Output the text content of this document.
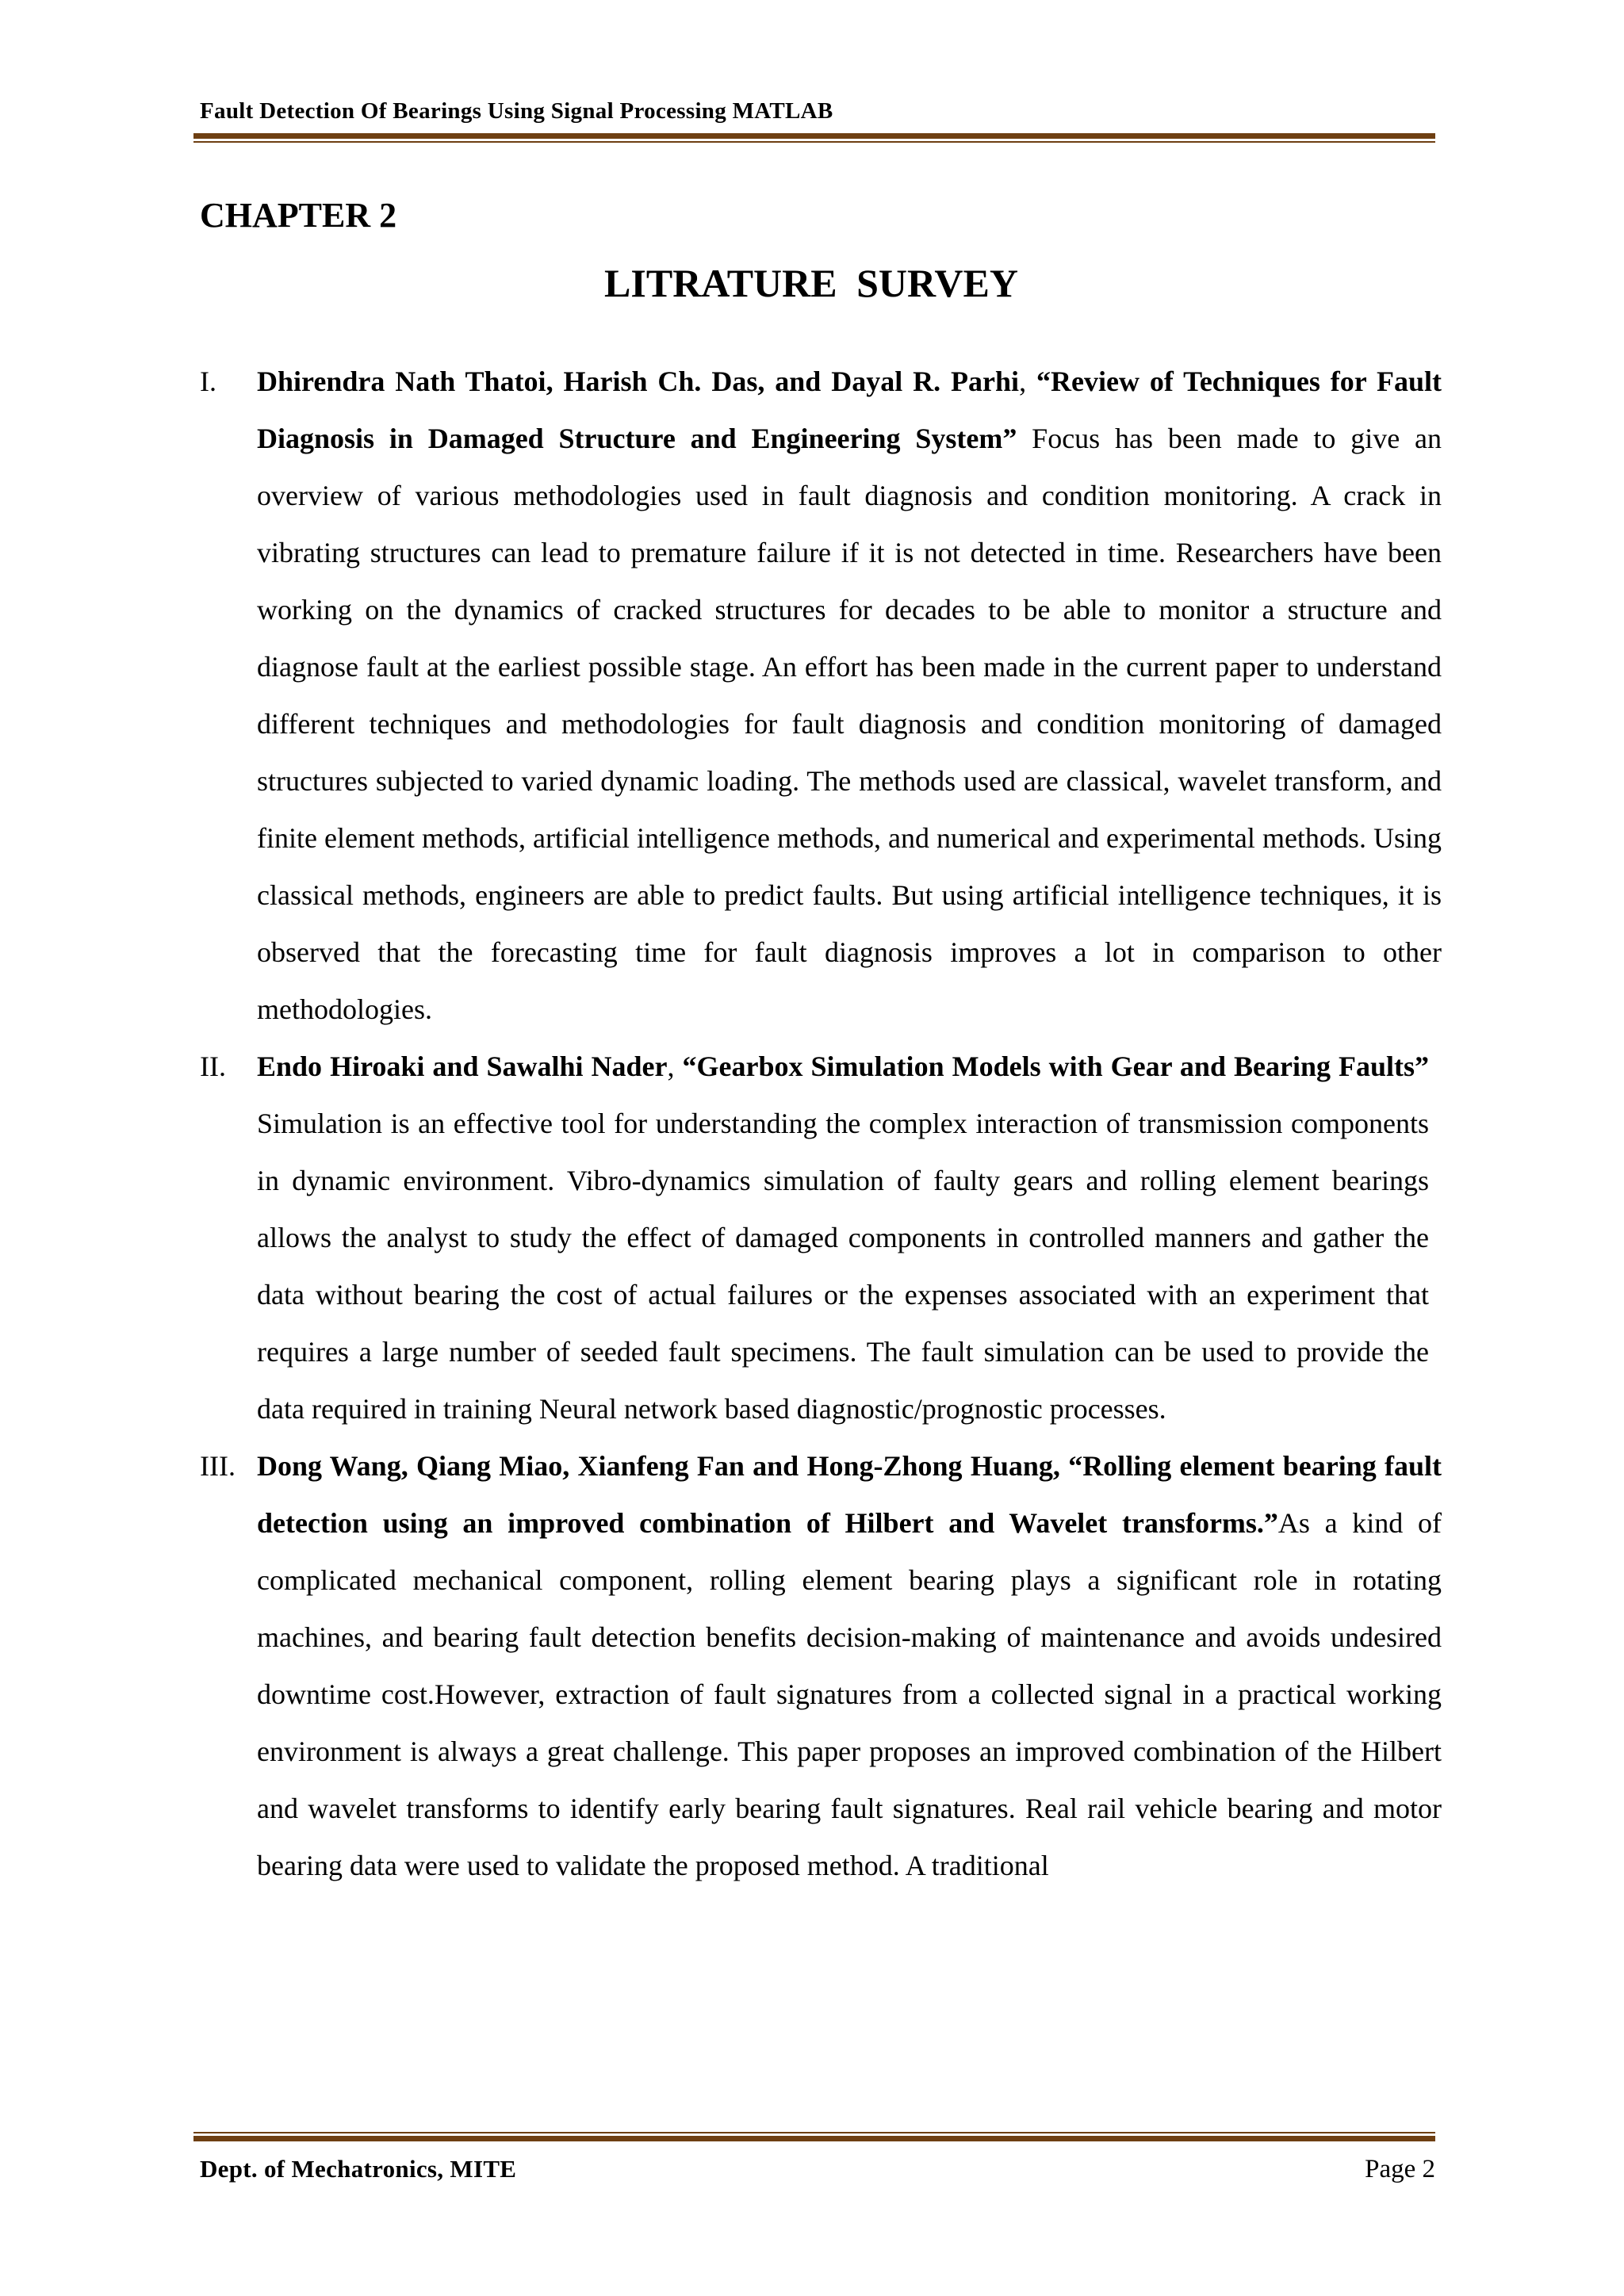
Fault Detection Of Bearings Using Signal Processing MATLAB
CHAPTER 2
LITRATURE SURVEY
I. Dhirendra Nath Thatoi, Harish Ch. Das, and Dayal R. Parhi, “Review of Techniques for Fault Diagnosis in Damaged Structure and Engineering System” Focus has been made to give an overview of various methodologies used in fault diagnosis and condition monitoring. A crack in vibrating structures can lead to premature failure if it is not detected in time. Researchers have been working on the dynamics of cracked structures for decades to be able to monitor a structure and diagnose fault at the earliest possible stage. An effort has been made in the current paper to understand different techniques and methodologies for fault diagnosis and condition monitoring of damaged structures subjected to varied dynamic loading. The methods used are classical, wavelet transform, and finite element methods, artificial intelligence methods, and numerical and experimental methods. Using classical methods, engineers are able to predict faults. But using artificial intelligence techniques, it is observed that the forecasting time for fault diagnosis improves a lot in comparison to other methodologies.

II. Endo Hiroaki and Sawalhi Nader, “Gearbox Simulation Models with Gear and Bearing Faults” Simulation is an effective tool for understanding the complex interaction of transmission components in dynamic environment. Vibro-dynamics simulation of faulty gears and rolling element bearings allows the analyst to study the effect of damaged components in controlled manners and gather the data without bearing the cost of actual failures or the expenses associated with an experiment that requires a large number of seeded fault specimens. The fault simulation can be used to provide the data required in training Neural network based diagnostic/prognostic processes.

III. Dong Wang, Qiang Miao, Xianfeng Fan and Hong-Zhong Huang, “Rolling element bearing fault detection using an improved combination of Hilbert and Wavelet transforms.”As a kind of complicated mechanical component, rolling element bearing plays a significant role in rotating machines, and bearing fault detection benefits decision-making of maintenance and avoids undesired downtime cost.However, extraction of fault signatures from a collected signal in a practical working environment is always a great challenge. This paper proposes an improved combination of the Hilbert and wavelet transforms to identify early bearing fault signatures. Real rail vehicle bearing and motor bearing data were used to validate the proposed method. A traditional

Dept. of Mechatronics, MITE	Page 2
